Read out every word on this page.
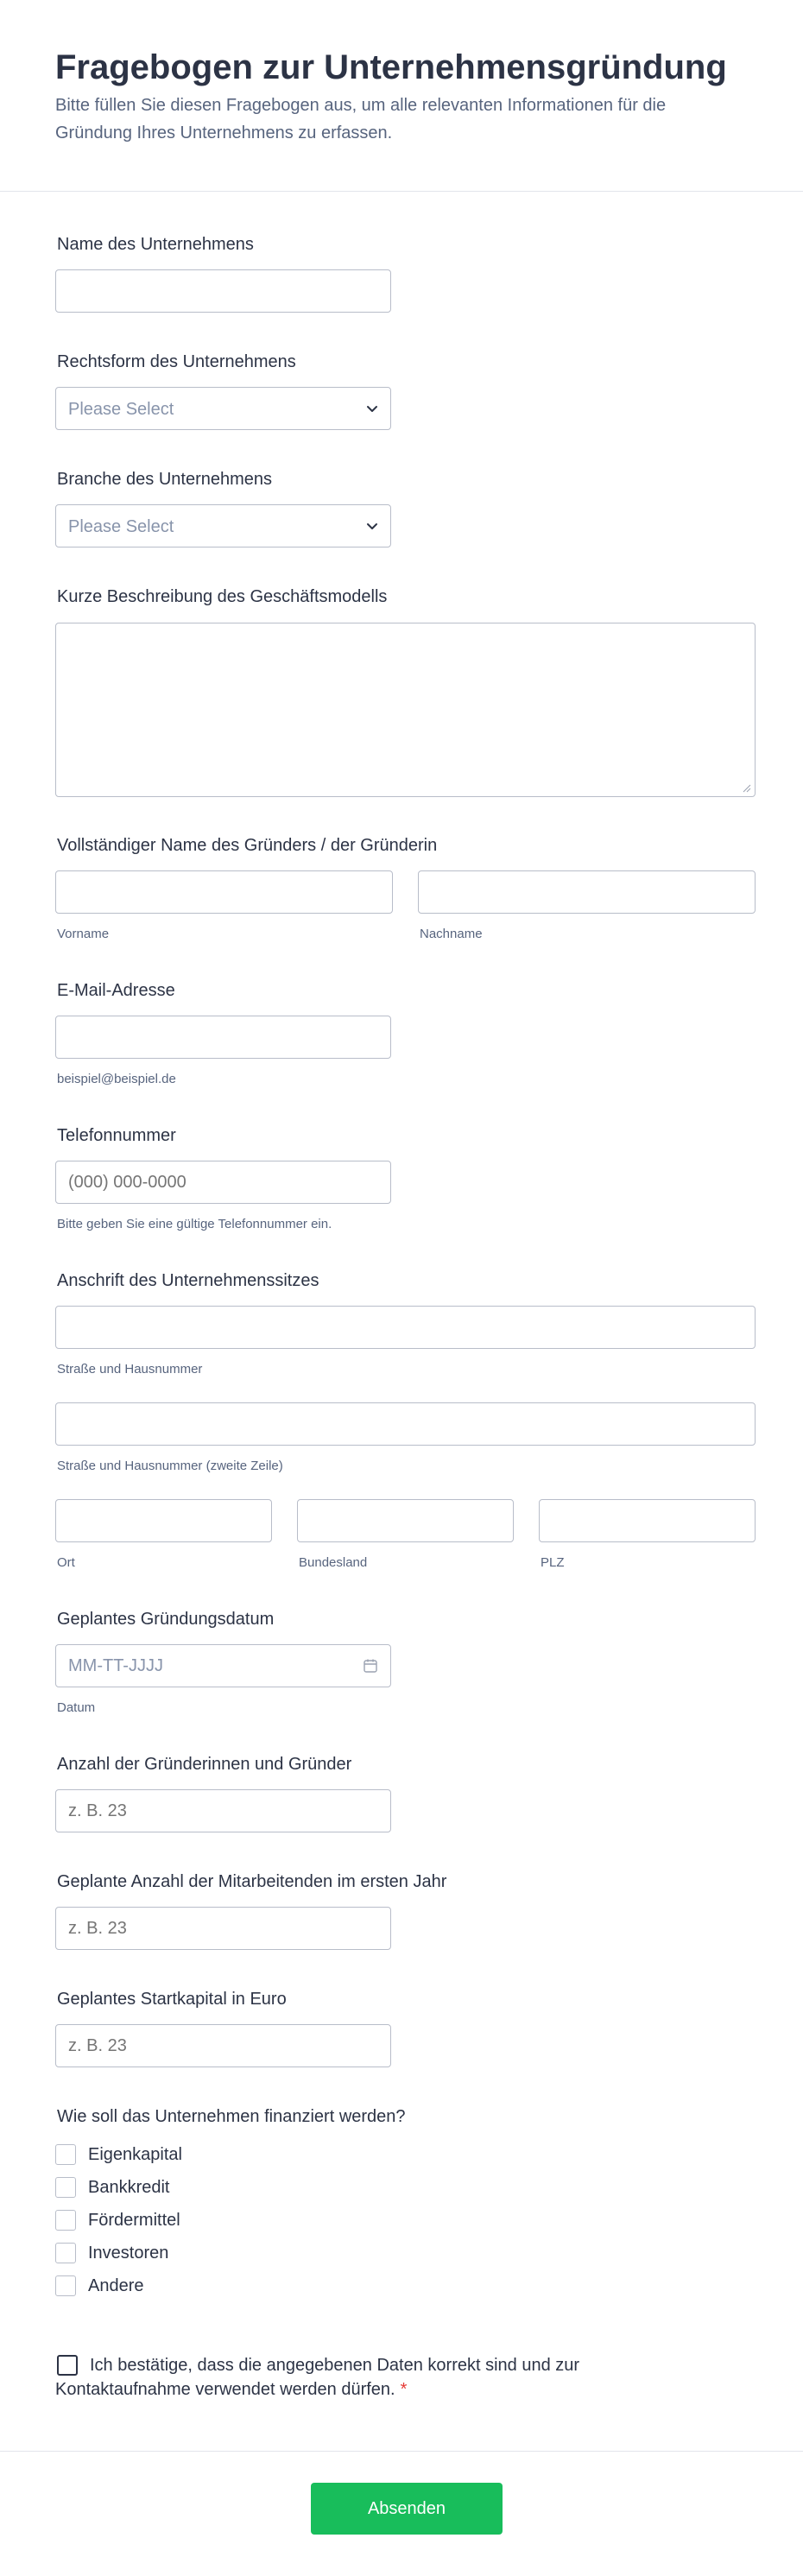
Fragebogen zur Unternehmensgründung

Bitte füllen Sie diesen Fragebogen aus, um alle relevanten Informationen für die Gründung Ihres Unternehmens zu erfassen.

Name des Unternehmens
Rechtsform des Unternehmens
Please Select
Branche des Unternehmens
Please Select
Kurze Beschreibung des Geschäftsmodells
Vollständiger Name des Gründers / der Gründerin
Vorname	Nachname
E-Mail-Adresse
beispiel@beispiel.de
Telefonnummer
(000) 000-0000
Bitte geben Sie eine gültige Telefonnummer ein.
Anschrift des Unternehmenssitzes
Straße und Hausnummer
Straße und Hausnummer (zweite Zeile)
Ort	Bundesland	PLZ
Geplantes Gründungsdatum
MM-TT-JJJJ
Datum
Anzahl der Gründerinnen und Gründer
z. B. 23
Geplante Anzahl der Mitarbeitenden im ersten Jahr
z. B. 23
Geplantes Startkapital in Euro
z. B. 23
Wie soll das Unternehmen finanziert werden?
Eigenkapital
Bankkredit
Fördermittel
Investoren
Andere
Ich bestätige, dass die angegebenen Daten korrekt sind und zur
Kontaktaufnahme verwendet werden dürfen. *
Absenden
